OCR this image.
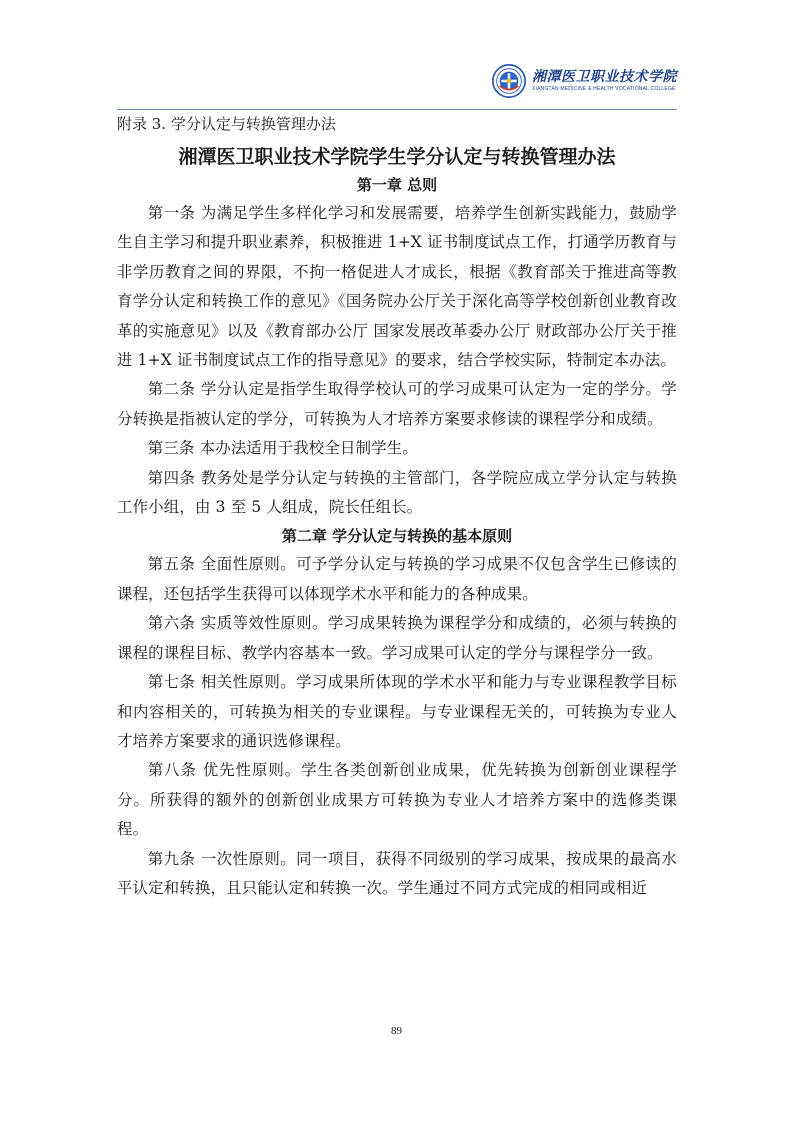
湘潭医卫职业技术学院
XIANGTAN MEDICINE & HEALTH VOCATIONAL COLLEGE

附录 3. 学分认定与转换管理办法

湘潭医卫职业技术学院学生学分认定与转换管理办法
第一章 总则

第一条 为满足学生多样化学习和发展需要，培养学生创新实践能力，鼓励学生自主学习和提升职业素养，积极推进 1+X 证书制度试点工作，打通学历教育与非学历教育之间的界限，不拘一格促进人才成长，根据《教育部关于推进高等教育学分认定和转换工作的意见》《国务院办公厅关于深化高等学校创新创业教育改革的实施意见》以及《教育部办公厅 国家发展改革委办公厅 财政部办公厅关于推进 1+X 证书制度试点工作的指导意见》的要求，结合学校实际，特制定本办法。

第二条 学分认定是指学生取得学校认可的学习成果可认定为一定的学分。学分转换是指被认定的学分，可转换为人才培养方案要求修读的课程学分和成绩。

第三条 本办法适用于我校全日制学生。

第四条 教务处是学分认定与转换的主管部门，各学院应成立学分认定与转换工作小组，由 3 至 5 人组成，院长任组长。

第二章 学分认定与转换的基本原则

第五条 全面性原则。可予学分认定与转换的学习成果不仅包含学生已修读的课程，还包括学生获得可以体现学术水平和能力的各种成果。

第六条 实质等效性原则。学习成果转换为课程学分和成绩的，必须与转换的课程的课程目标、教学内容基本一致。学习成果可认定的学分与课程学分一致。

第七条 相关性原则。学习成果所体现的学术水平和能力与专业课程教学目标和内容相关的，可转换为相关的专业课程。与专业课程无关的，可转换为专业人才培养方案要求的通识选修课程。

第八条 优先性原则。学生各类创新创业成果，优先转换为创新创业课程学分。所获得的额外的创新创业成果方可转换为专业人才培养方案中的选修类课程。

第九条 一次性原则。同一项目，获得不同级别的学习成果，按成果的最高水平认定和转换，且只能认定和转换一次。学生通过不同方式完成的相同或相近

89
